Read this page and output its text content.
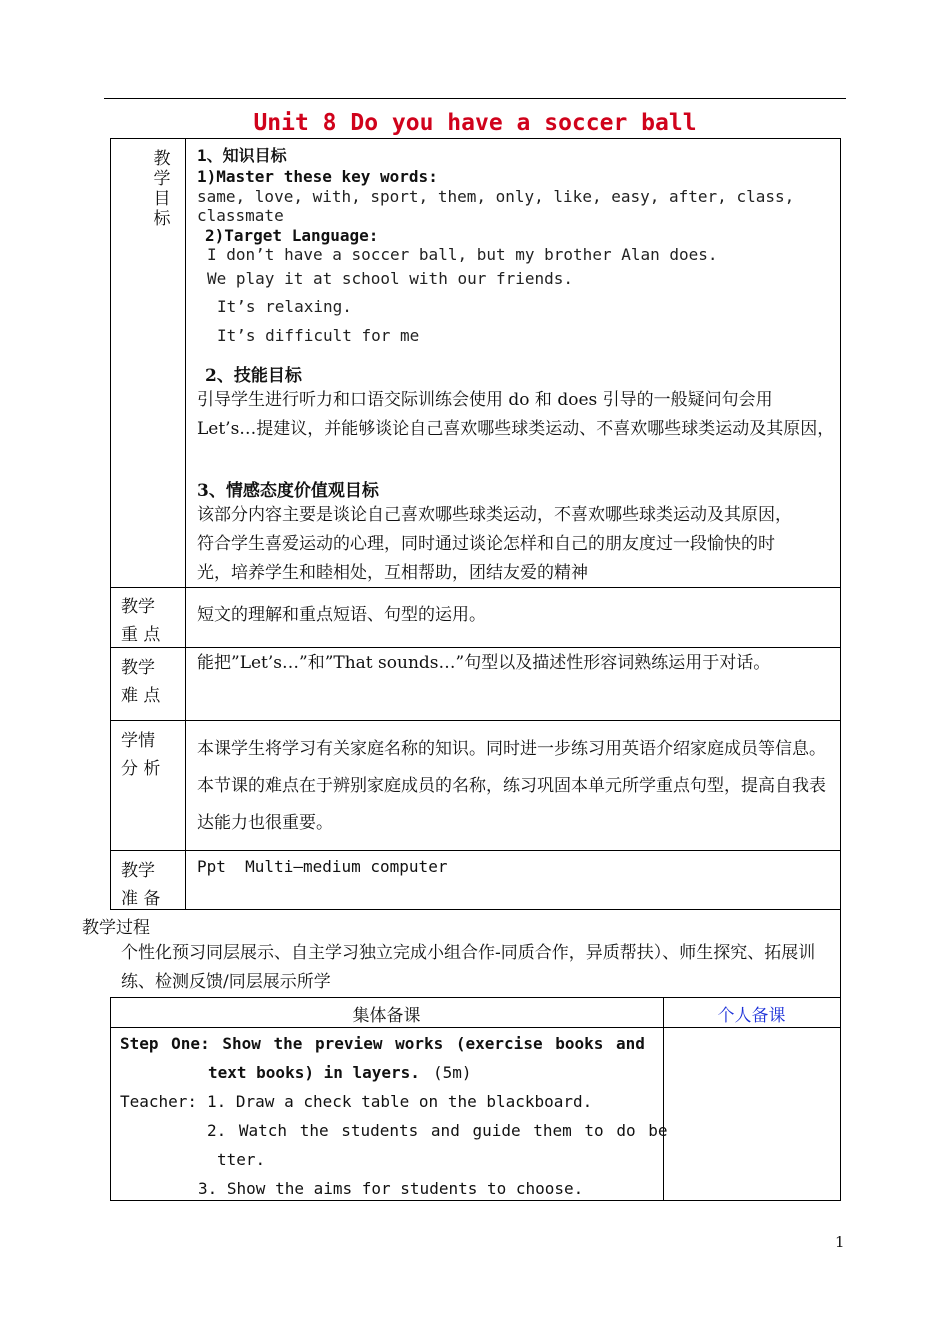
Unit 8 Do you have a soccer ball
教
学
目
标
1、知识目标
1)Master these key words:
same, love, with, sport, them, only, like, easy, after, class,
classmate
2)Target Language:
I don’t have a soccer ball, but my brother Alan does.
We play it at school with our friends.
It’s relaxing.
It’s difficult for me
2、技能目标
引导学生进行听力和口语交际训练会使用 do 和 does 引导的一般疑问句会用 Let’s…提建议，并能够谈论自己喜欢哪些球类运动、不喜欢哪些球类运动及其原因，
3、情感态度价值观目标
该部分内容主要是谈论自己喜欢哪些球类运动，不喜欢哪些球类运动及其原因，符合学生喜爱运动的心理，同时通过谈论怎样和自己的朋友度过一段愉快的时光，培养学生和睦相处，互相帮助，团结友爱的精神
教学
重 点
短文的理解和重点短语、句型的运用。
教学
难 点
能把”Let’s…”和”That sounds…”句型以及描述性形容词熟练运用于对话。
学情
分 析
本课学生将学习有关家庭名称的知识。同时进一步练习用英语介绍家庭成员等信息。本节课的难点在于辨别家庭成员的名称，练习巩固本单元所学重点句型，提高自我表达能力也很重要。
教学
准 备
Ppt  Multi—medium computer
教学过程
个性化预习同层展示、自主学习独立完成小组合作-同质合作，异质帮扶）、师生探究、拓展训练、检测反馈/同层展示所学
集体备课	个人备课
Step One: Show the preview works (exercise books and
text books) in layers. (5m)
Teacher: 1. Draw a check table on the blackboard.
2. Watch the students and guide them to do be
tter.
3. Show the aims for students to choose.
1
